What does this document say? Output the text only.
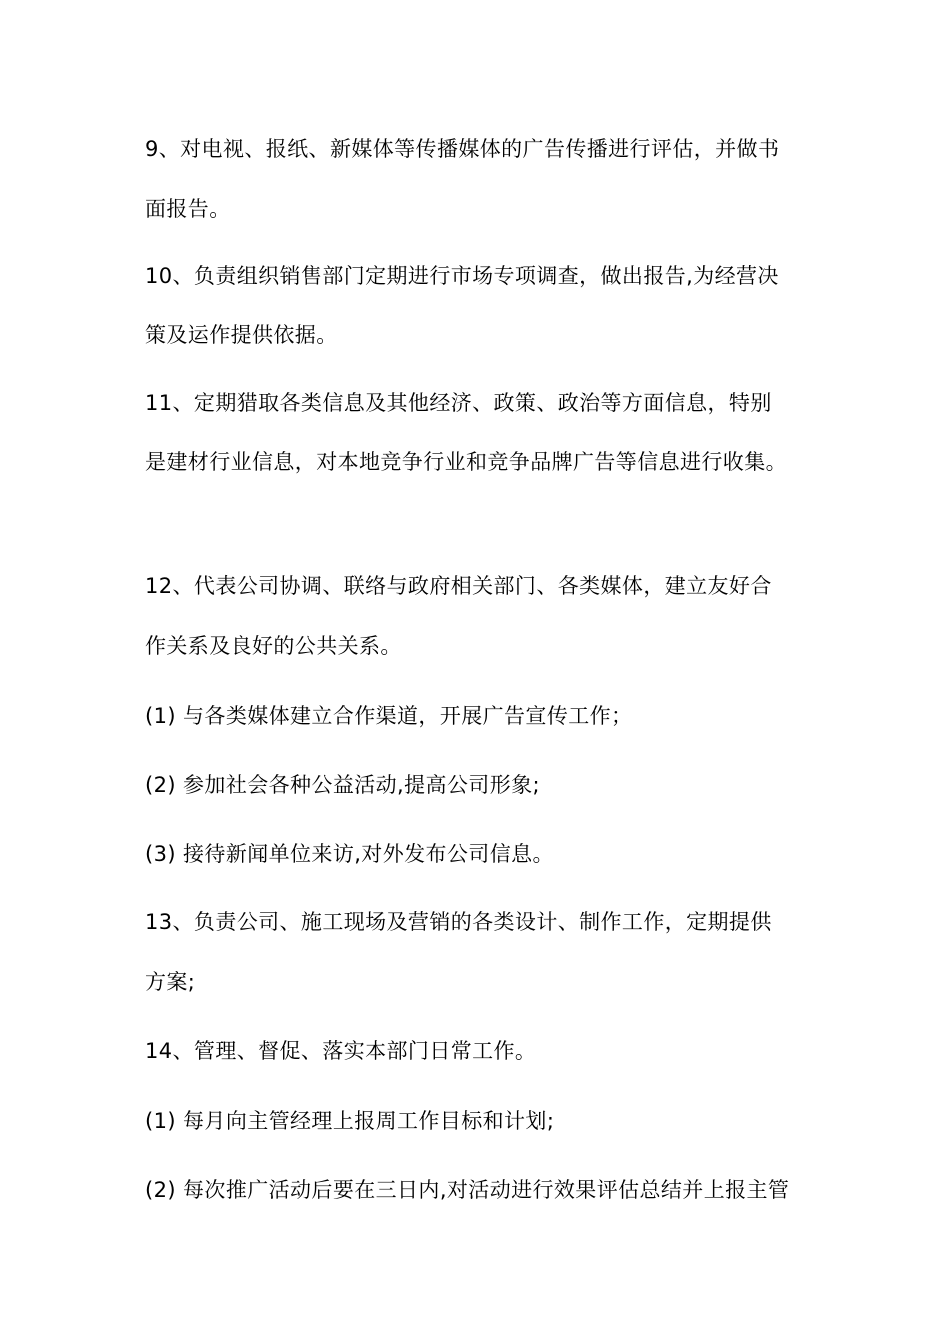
9、对电视、报纸、新媒体等传播媒体的广告传播进行评估，并做书
面报告。
10、负责组织销售部门定期进行市场专项调查，做出报告,为经营决
策及运作提供依据。
11、定期猎取各类信息及其他经济、政策、政治等方面信息，特别
是建材行业信息，对本地竞争行业和竞争品牌广告等信息进行收集。
12、代表公司协调、联络与政府相关部门、各类媒体，建立友好合
作关系及良好的公共关系。
(1) 与各类媒体建立合作渠道，开展广告宣传工作；
(2) 参加社会各种公益活动,提高公司形象;
(3) 接待新闻单位来访,对外发布公司信息。
13、负责公司、施工现场及营销的各类设计、制作工作，定期提供
方案;
14、管理、督促、落实本部门日常工作。
(1) 每月向主管经理上报周工作目标和计划;
(2) 每次推广活动后要在三日内,对活动进行效果评估总结并上报主管
